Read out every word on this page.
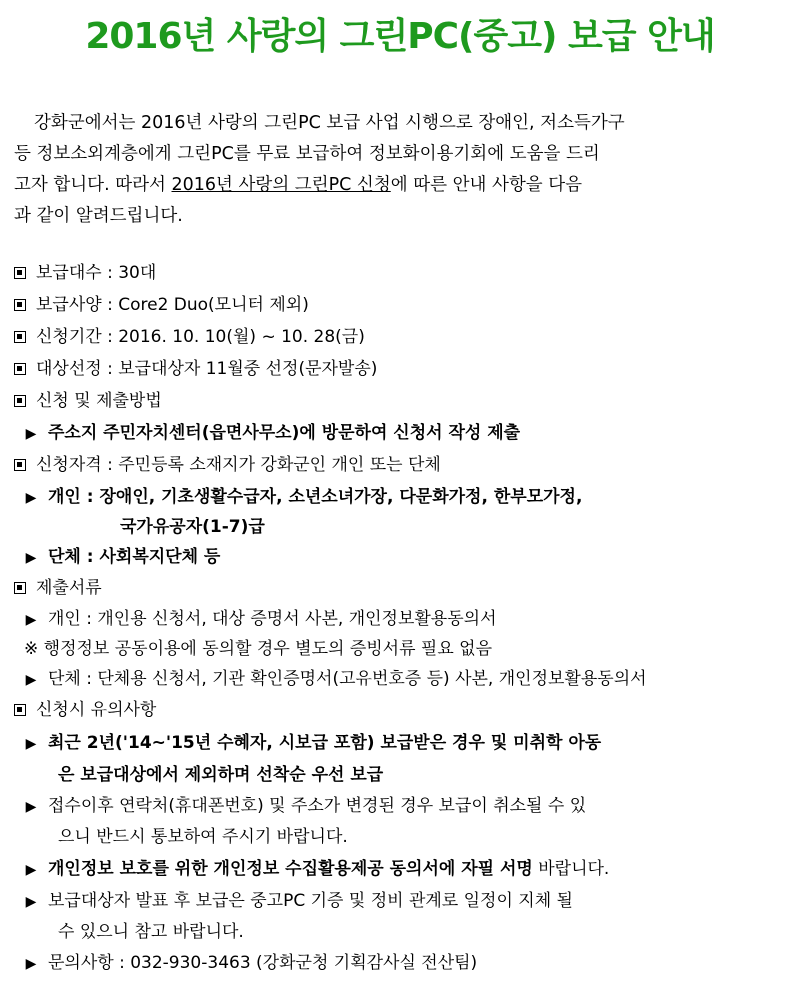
2016년 사랑의 그린PC(중고) 보급 안내
강화군에서는 2016년 사랑의 그린PC 보급 사업 시행으로 장애인, 저소득가구
등 정보소외계층에게 그린PC를 무료 보급하여 정보화이용기회에 도움을 드리
고자 합니다. 따라서 2016년 사랑의 그린PC 신청에 따른 안내 사항을 다음
과 같이 알려드립니다.
보급대수 : 30대
보급사양 : Core2 Duo(모니터 제외)
신청기간 : 2016. 10. 10(월) ~ 10. 28(금)
대상선정 : 보급대상자 11월중 선정(문자발송)
신청 및 제출방법
▶ 주소지 주민자치센터(읍면사무소)에 방문하여 신청서 작성 제출
신청자격 : 주민등록 소재지가 강화군인 개인 또는 단체
▶ 개인 : 장애인, 기초생활수급자, 소년소녀가장, 다문화가정, 한부모가정,
국가유공자(1-7)급
▶ 단체 : 사회복지단체 등
제출서류
▶ 개인 : 개인용 신청서, 대상 증명서 사본, 개인정보활용동의서
※ 행정정보 공동이용에 동의할 경우 별도의 증빙서류 필요 없음
▶ 단체 : 단체용 신청서, 기관 확인증명서(고유번호증 등) 사본, 개인정보활용동의서
신청시 유의사항
▶ 최근 2년('14~'15년 수혜자, 시보급 포함) 보급받은 경우 및 미취학 아동
은 보급대상에서 제외하며 선착순 우선 보급
▶ 접수이후 연락처(휴대폰번호) 및 주소가 변경된 경우 보급이 취소될 수 있
으니 반드시 통보하여 주시기 바랍니다.
▶ 개인정보 보호를 위한 개인정보 수집활용제공 동의서에 자필 서명 바랍니다.
▶ 보급대상자 발표 후 보급은 중고PC 기증 및 정비 관계로 일정이 지체 될
수 있으니 참고 바랍니다.
▶ 문의사항 : 032-930-3463 (강화군청 기획감사실 전산팀)
